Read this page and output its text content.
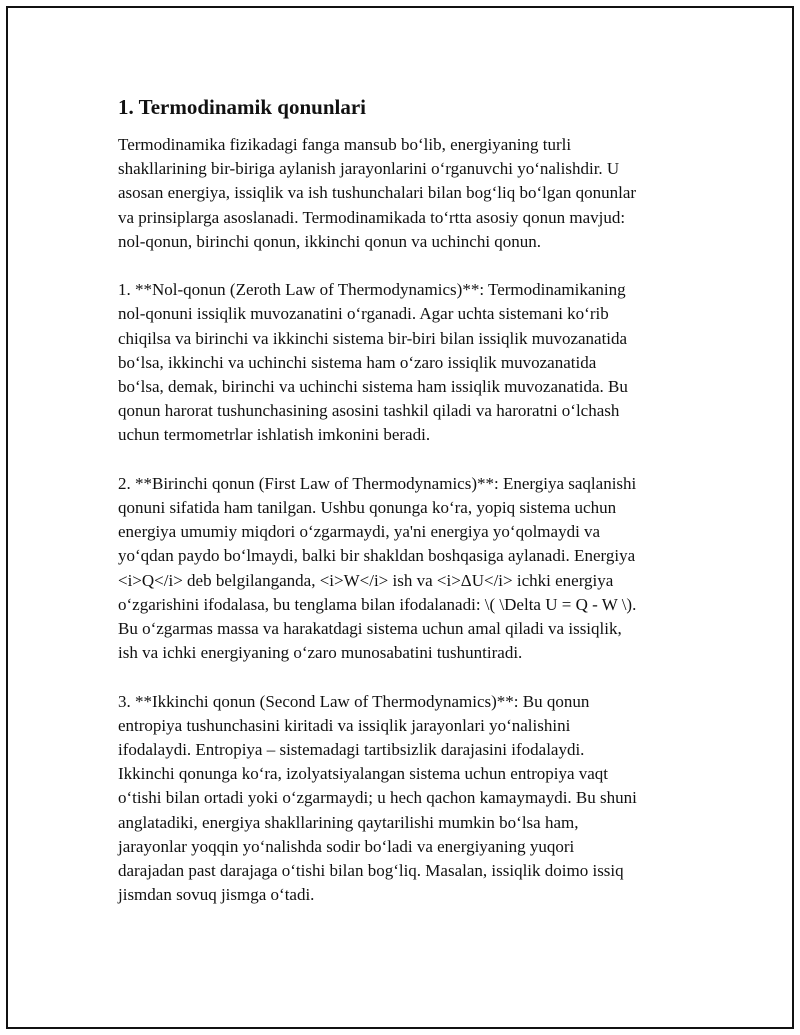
1. Termodinamik qonunlari

Termodinamika fizikadagi fanga mansub bo‘lib, energiyaning turli
shakllarining bir-biriga aylanish jarayonlarini o‘rganuvchi yo‘nalishdir. U
asosan energiya, issiqlik va ish tushunchalari bilan bog‘liq bo‘lgan qonunlar
va prinsiplarga asoslanadi. Termodinamikada to‘rtta asosiy qonun mavjud:
nol-qonun, birinchi qonun, ikkinchi qonun va uchinchi qonun.

1. **Nol-qonun (Zeroth Law of Thermodynamics)**: Termodinamikaning
nol-qonuni issiqlik muvozanatini o‘rganadi. Agar uchta sistemani ko‘rib
chiqilsa va birinchi va ikkinchi sistema bir-biri bilan issiqlik muvozanatida
bo‘lsa, ikkinchi va uchinchi sistema ham o‘zaro issiqlik muvozanatida
bo‘lsa, demak, birinchi va uchinchi sistema ham issiqlik muvozanatida. Bu
qonun harorat tushunchasining asosini tashkil qiladi va haroratni o‘lchash
uchun termometrlar ishlatish imkonini beradi.

2. **Birinchi qonun (First Law of Thermodynamics)**: Energiya saqlanishi
qonuni sifatida ham tanilgan. Ushbu qonunga ko‘ra, yopiq sistema uchun
energiya umumiy miqdori o‘zgarmaydi, ya'ni energiya yo‘qolmaydi va
yo‘qdan paydo bo‘lmaydi, balki bir shakldan boshqasiga aylanadi. Energiya
<i>Q</i> deb belgilanganda, <i>W</i> ish va <i>ΔU</i> ichki energiya
o‘zgarishini ifodalasa, bu tenglama bilan ifodalanadi: \( \Delta U = Q - W \).
Bu o‘zgarmas massa va harakatdagi sistema uchun amal qiladi va issiqlik,
ish va ichki energiyaning o‘zaro munosabatini tushuntiradi.

3. **Ikkinchi qonun (Second Law of Thermodynamics)**: Bu qonun
entropiya tushunchasini kiritadi va issiqlik jarayonlari yo‘nalishini
ifodalaydi. Entropiya – sistemadagi tartibsizlik darajasini ifodalaydi.
Ikkinchi qonunga ko‘ra, izolyatsiyalangan sistema uchun entropiya vaqt
o‘tishi bilan ortadi yoki o‘zgarmaydi; u hech qachon kamaymaydi. Bu shuni
anglatadiki, energiya shakllarining qaytarilishi mumkin bo‘lsa ham,
jarayonlar yoqqin yo‘nalishda sodir bo‘ladi va energiyaning yuqori
darajadan past darajaga o‘tishi bilan bog‘liq. Masalan, issiqlik doimo issiq
jismdan sovuq jismga o‘tadi.
